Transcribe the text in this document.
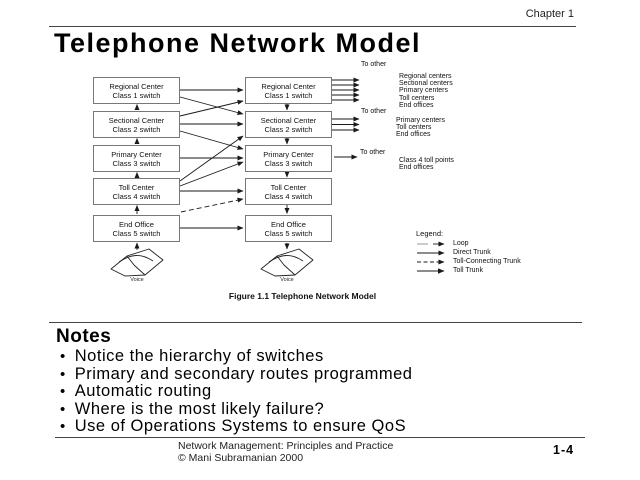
Chapter 1
Telephone Network Model
Regional Center
Class 1 switch
Sectional Center
Class 2 switch
Primary Center
Class 3 switch
Toll Center
Class 4 switch
End Office
Class 5 switch
Regional Center
Class 1 switch
Sectional Center
Class 2 switch
Primary Center
Class 3 switch
Toll Center
Class 4 switch
End Office
Class 5 switch
To other
Regional centers
Sectional centers
Primary centers
Toll centers
End offices
To other
Primary centers
Toll centers
End offices
To other
Class 4 toll points
End offices
Voice	Voice
Legend:
Loop
Direct Trunk
Toll-Connecting Trunk
Toll Trunk
Figure 1.1 Telephone Network Model
Notes
• Notice the hierarchy of switches
• Primary and secondary routes programmed
• Automatic routing
• Where is the most likely failure?
• Use of Operations Systems to ensure QoS
Network Management: Principles and Practice
© Mani Subramanian 2000
1-4
